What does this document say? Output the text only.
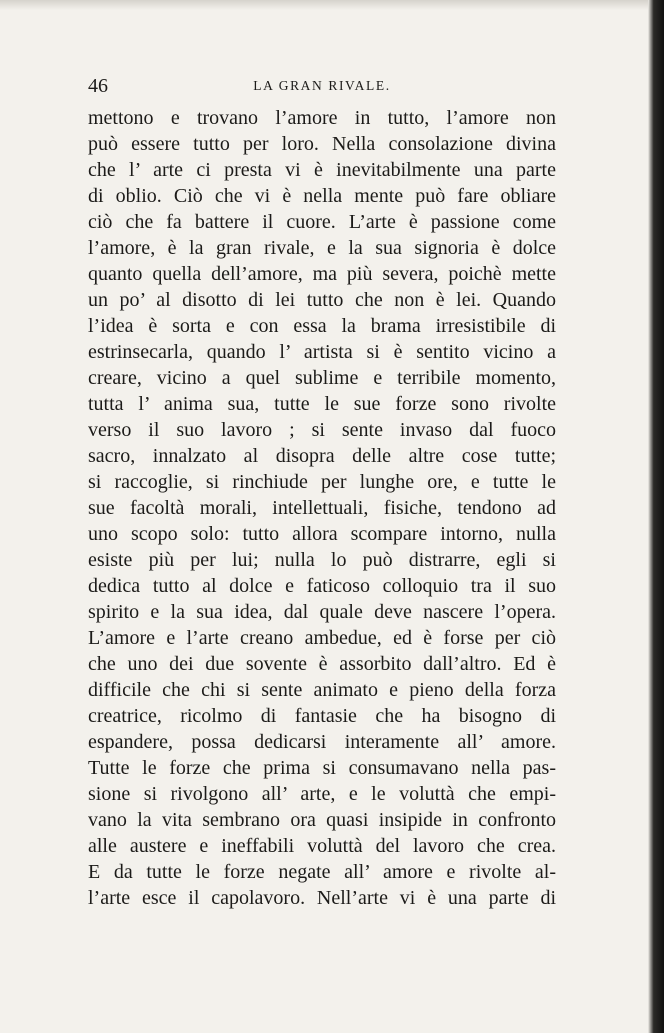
46	LA GRAN RIVALE.
mettono e trovano l’amore in tutto, l’amore non
può essere tutto per loro. Nella consolazione divina
che l’ arte ci presta vi è inevitabilmente una parte
di oblio. Ciò che vi è nella mente può fare obliare
ciò che fa battere il cuore. L’arte è passione come
l’amore, è la gran rivale, e la sua signoria è dolce
quanto quella dell’amore, ma più severa, poichè mette
un po’ al disotto di lei tutto che non è lei. Quando
l’idea è sorta e con essa la brama irresistibile di
estrinsecarla, quando l’ artista si è sentito vicino a
creare, vicino a quel sublime e terribile momento,
tutta l’ anima sua, tutte le sue forze sono rivolte
verso il suo lavoro ; si sente invaso dal fuoco
sacro, innalzato al disopra delle altre cose tutte;
si raccoglie, si rinchiude per lunghe ore, e tutte le
sue facoltà morali, intellettuali, fisiche, tendono ad
uno scopo solo: tutto allora scompare intorno, nulla
esiste più per lui; nulla lo può distrarre, egli si
dedica tutto al dolce e faticoso colloquio tra il suo
spirito e la sua idea, dal quale deve nascere l’opera.
L’amore e l’arte creano ambedue, ed è forse per ciò
che uno dei due sovente è assorbito dall’altro. Ed è
difficile che chi si sente animato e pieno della forza
creatrice, ricolmo di fantasie che ha bisogno di
espandere, possa dedicarsi interamente all’ amore.
Tutte le forze che prima si consumavano nella pas-
sione si rivolgono all’ arte, e le voluttà che empi-
vano la vita sembrano ora quasi insipide in confronto
alle austere e ineffabili voluttà del lavoro che crea.
E da tutte le forze negate all’ amore e rivolte al-
l’arte esce il capolavoro. Nell’arte vi è una parte di
